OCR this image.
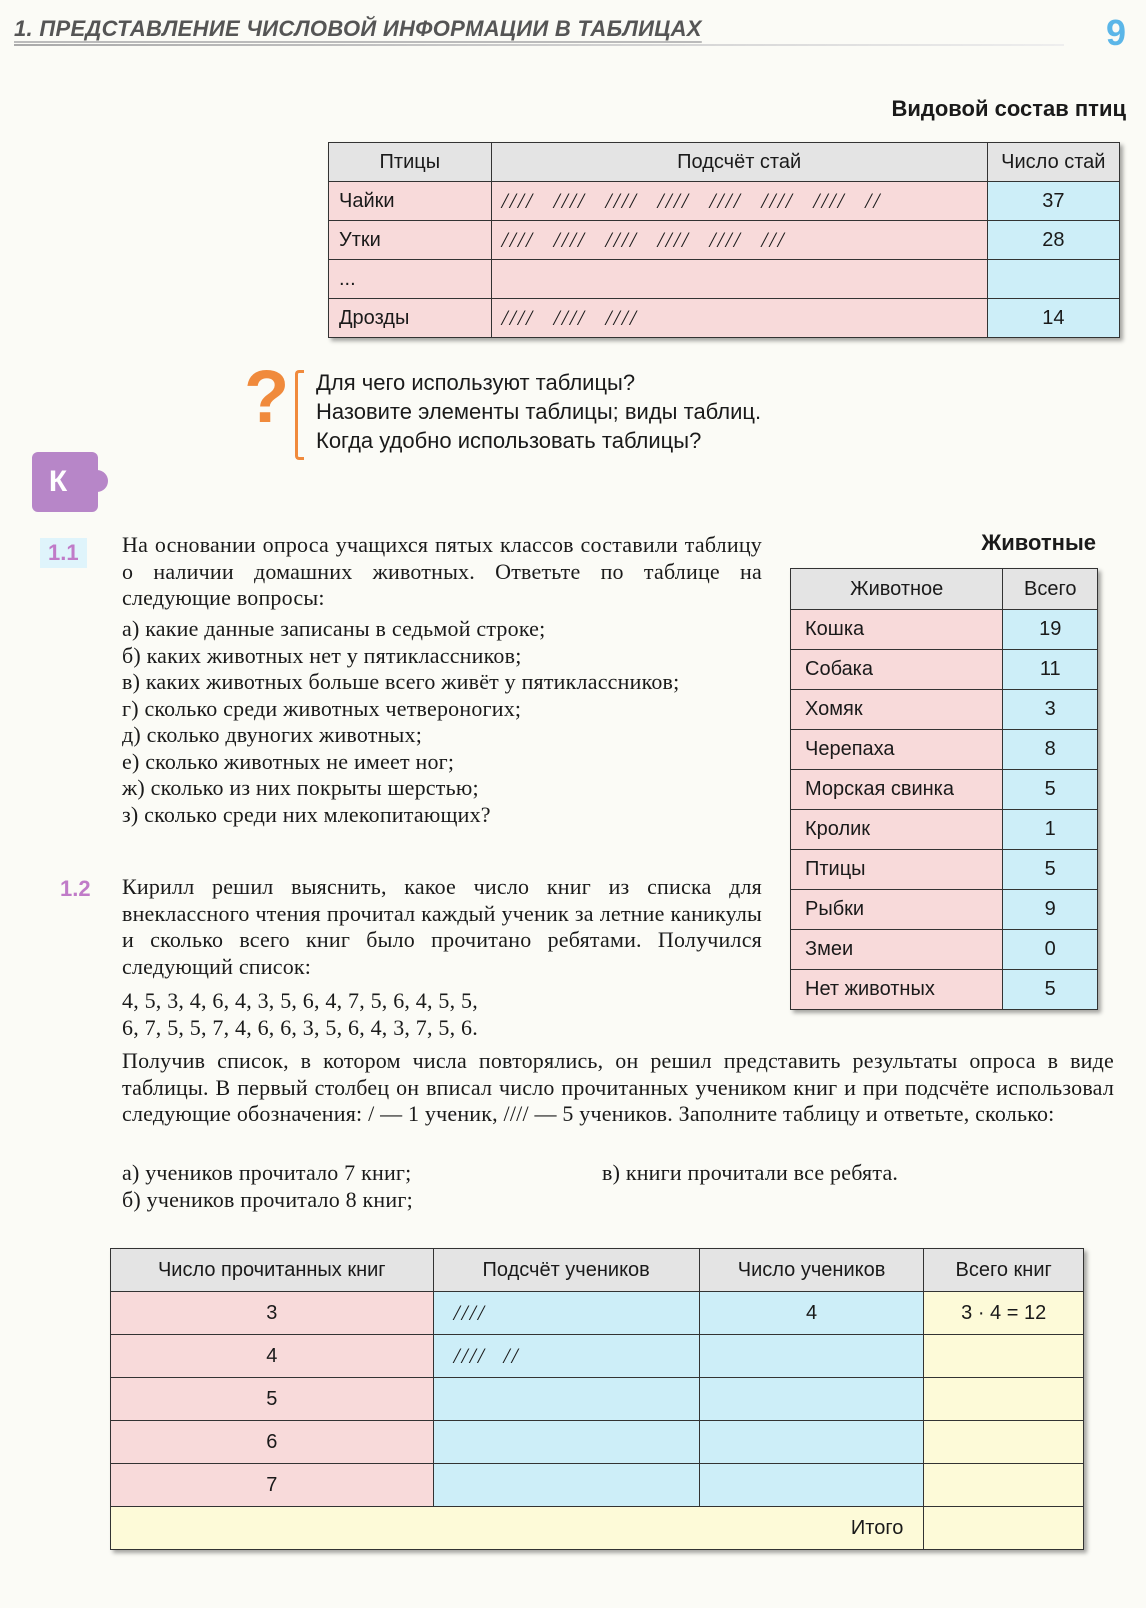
1. ПРЕДСТАВЛЕНИЕ ЧИСЛОВОЙ ИНФОРМАЦИИ В ТАБЛИЦАХ	9
Видовой состав птиц
Птицы	Подсчёт стай	Число стай
Чайки	//// //// //// //// //// //// //// //	37
Утки	//// //// //// //// //// ///	28
...		
Дрозды	//// //// ////	14
? Для чего используют таблицы?
Назовите элементы таблицы; виды таблиц.
Когда удобно использовать таблицы?
К
1.1	На основании опроса учащихся пятых классов составили таблицу о наличии домашних животных. Ответьте по таблице на следующие вопросы:
а) какие данные записаны в седьмой строке;
б) каких животных нет у пятиклассников;
в) каких животных больше всего живёт у пятиклассников;
г) сколько среди животных четвероногих;
д) сколько двуногих животных;
е) сколько животных не имеет ног;
ж) сколько из них покрыты шерстью;
з) сколько среди них млекопитающих?
Животные
Животное	Всего
Кошка	19
Собака	11
Хомяк	3
Черепаха	8
Морская свинка	5
Кролик	1
Птицы	5
Рыбки	9
Змеи	0
Нет животных	5
1.2 Кирилл решил выяснить, какое число книг из списка для внеклассного чтения прочитал каждый ученик за летние каникулы и сколько всего книг было прочитано ребятами. Получился следующий список:
4, 5, 3, 4, 6, 4, 3, 5, 6, 4, 7, 5, 6, 4, 5, 5,
6, 7, 5, 5, 7, 4, 6, 6, 3, 5, 6, 4, 3, 7, 5, 6.
Получив список, в котором числа повторялись, он решил представить результаты опроса в виде таблицы. В первый столбец он вписал число прочитанных учеником книг и при подсчёте использовал следующие обозначения: / — 1 ученик, //// — 5 учеников. Заполните таблицу и ответьте, сколько:
а) учеников прочитало 7 книг;	в) книги прочитали все ребята.
б) учеников прочитало 8 книг;
Число прочитанных книг	Подсчёт учеников	Число учеников	Всего книг
3	////	4	3 · 4 = 12
4	//// //		
5			
6			
7			
Итого			
